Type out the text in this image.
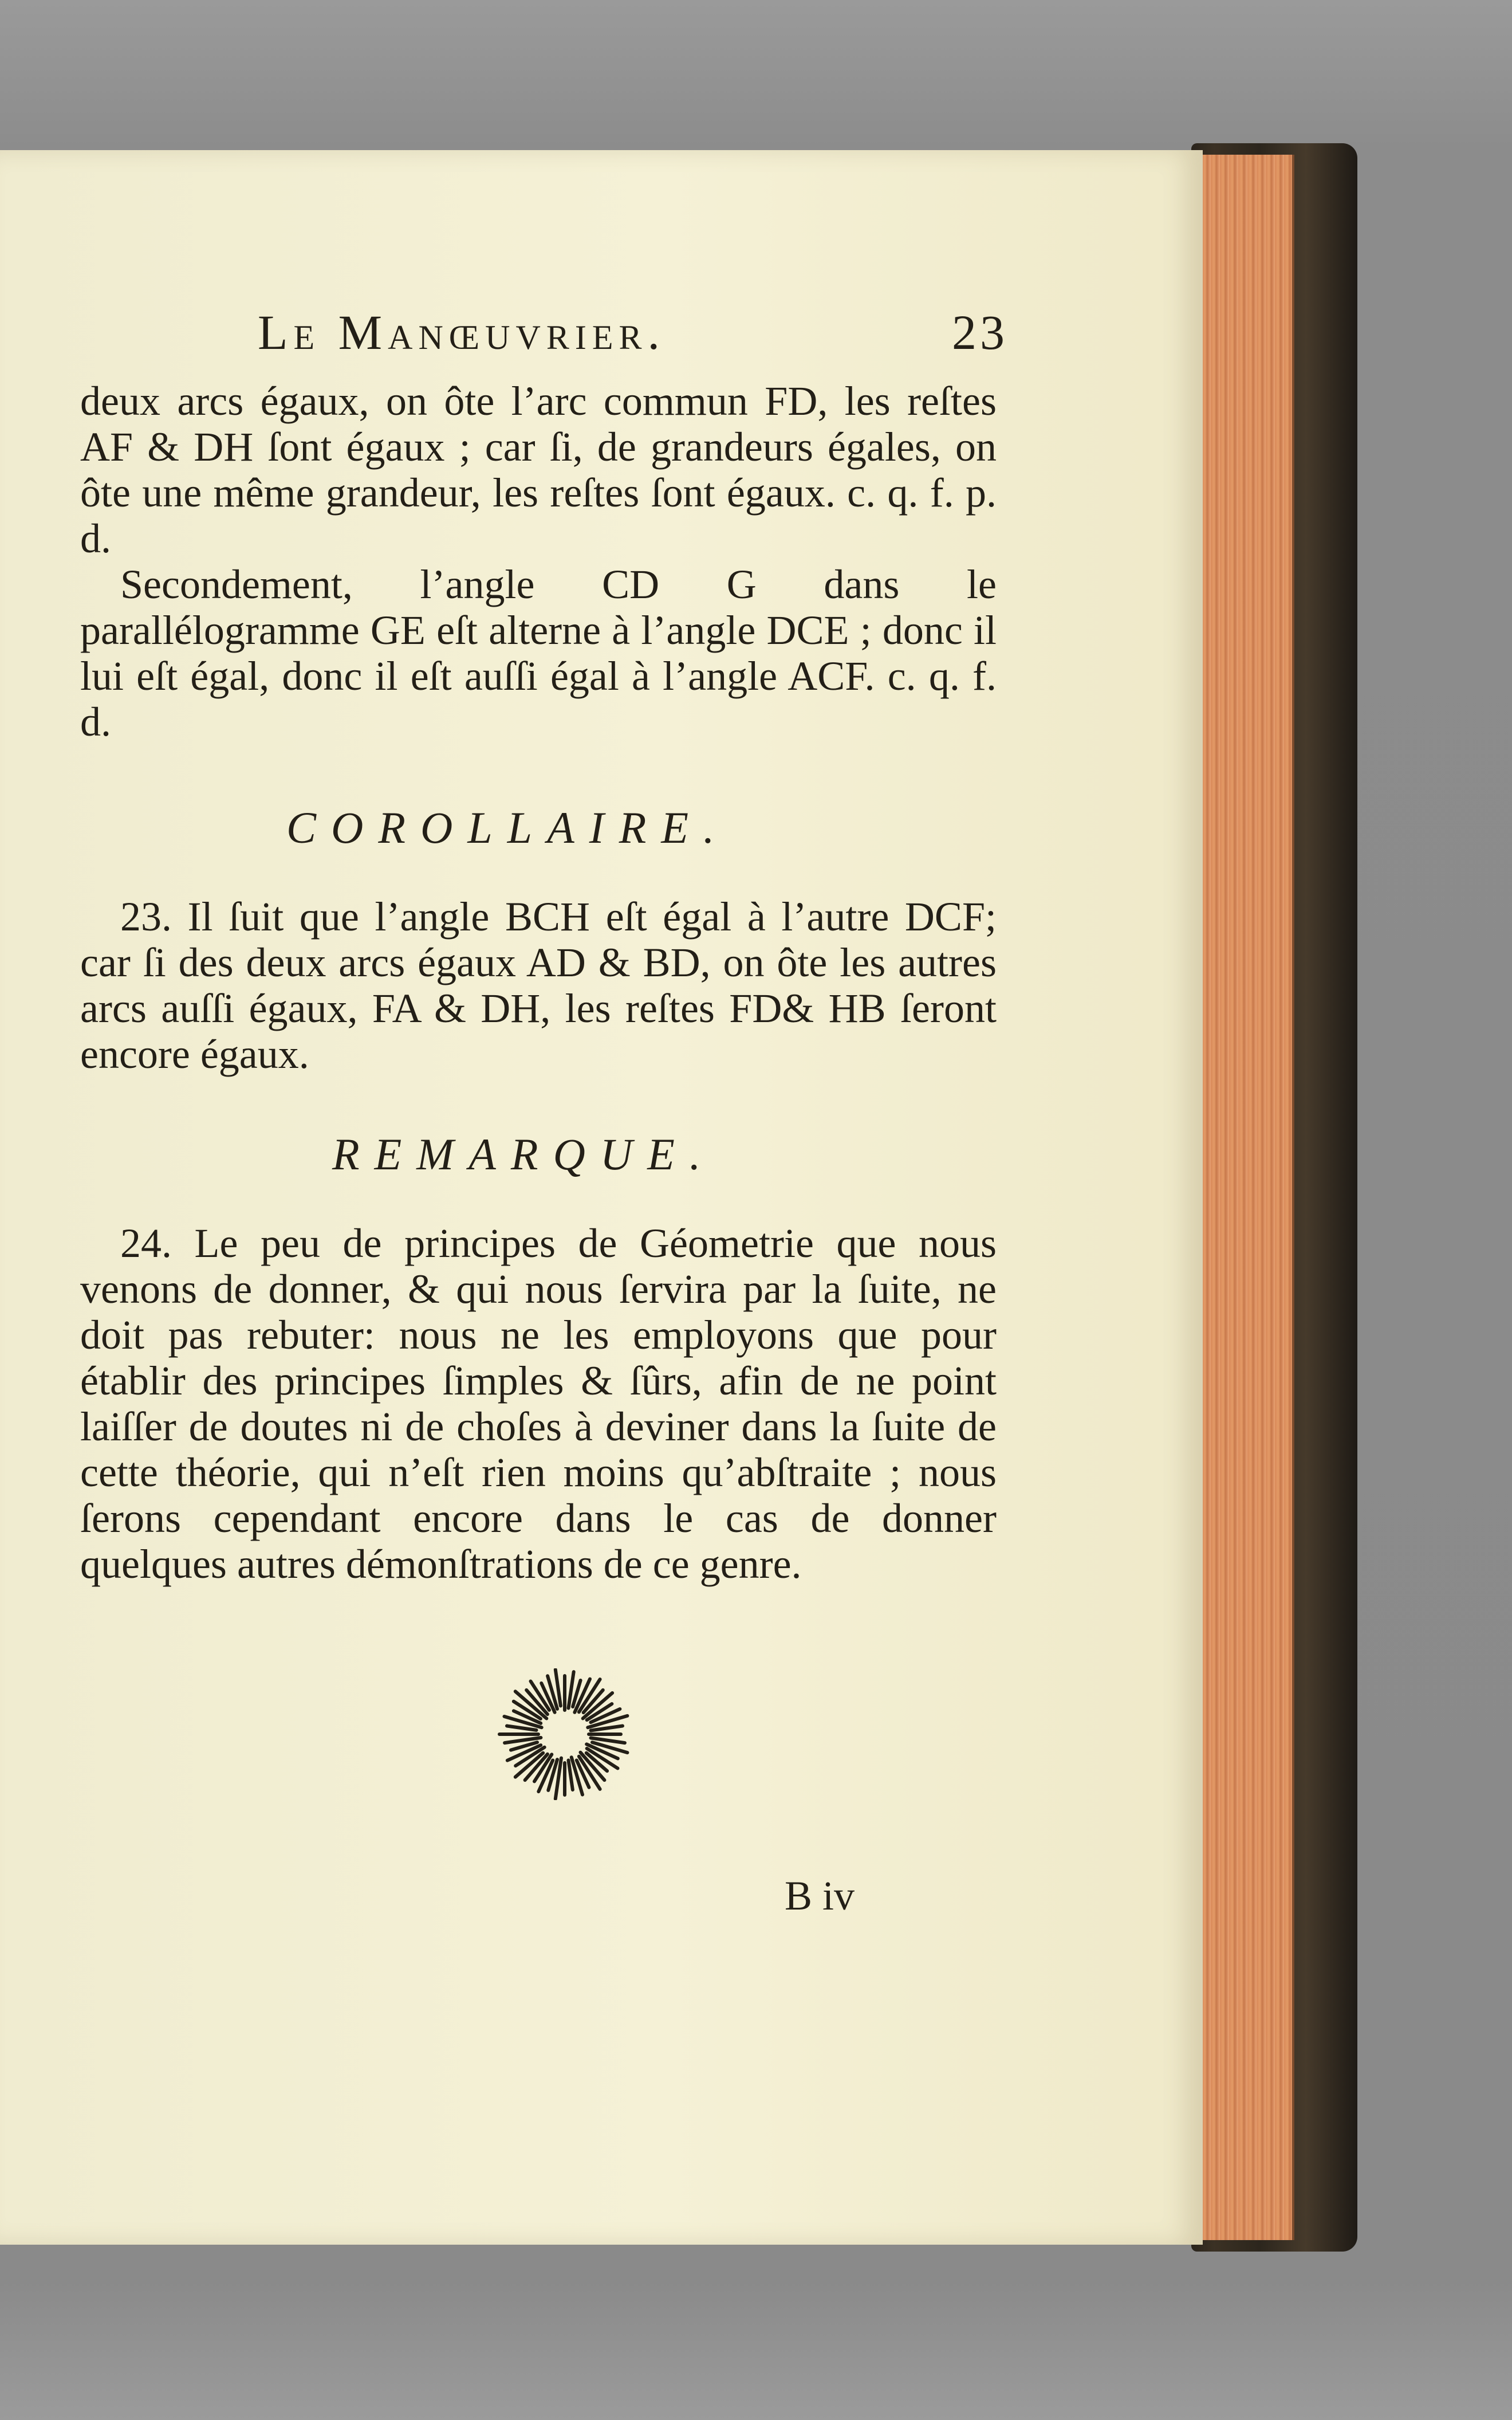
Le Manœuvrier.	23

deux arcs égaux, on ôte l’arc commun FD, les reſtes AF & DH ſont égaux ; car ſi, de grandeurs égales, on ôte une même grandeur, les reſtes ſont égaux. c. q. f. p. d.

Secondement, l’angle CD G dans le parallélogramme GE eſt alterne à l’angle DCE ; donc il lui eſt égal, donc il eſt auſſi égal à l’angle ACF. c. q. f. d.

COROLLAIRE.

23. Il ſuit que l’angle BCH eſt égal à l’autre DCF; car ſi des deux arcs égaux AD & BD, on ôte les autres arcs auſſi égaux, FA & DH, les reſtes FD& HB ſeront encore égaux.

REMARQUE.

24. Le peu de principes de Géometrie que nous venons de donner, & qui nous ſervira par la ſuite, ne doit pas rebuter: nous ne les employons que pour établir des principes ſimples & ſûrs, afin de ne point laiſſer de doutes ni de choſes à deviner dans la ſuite de cette théorie, qui n’eſt rien moins qu’abſtraite ; nous ſerons cependant encore dans le cas de donner quelques autres démonſtrations de ce genre.

B iv
